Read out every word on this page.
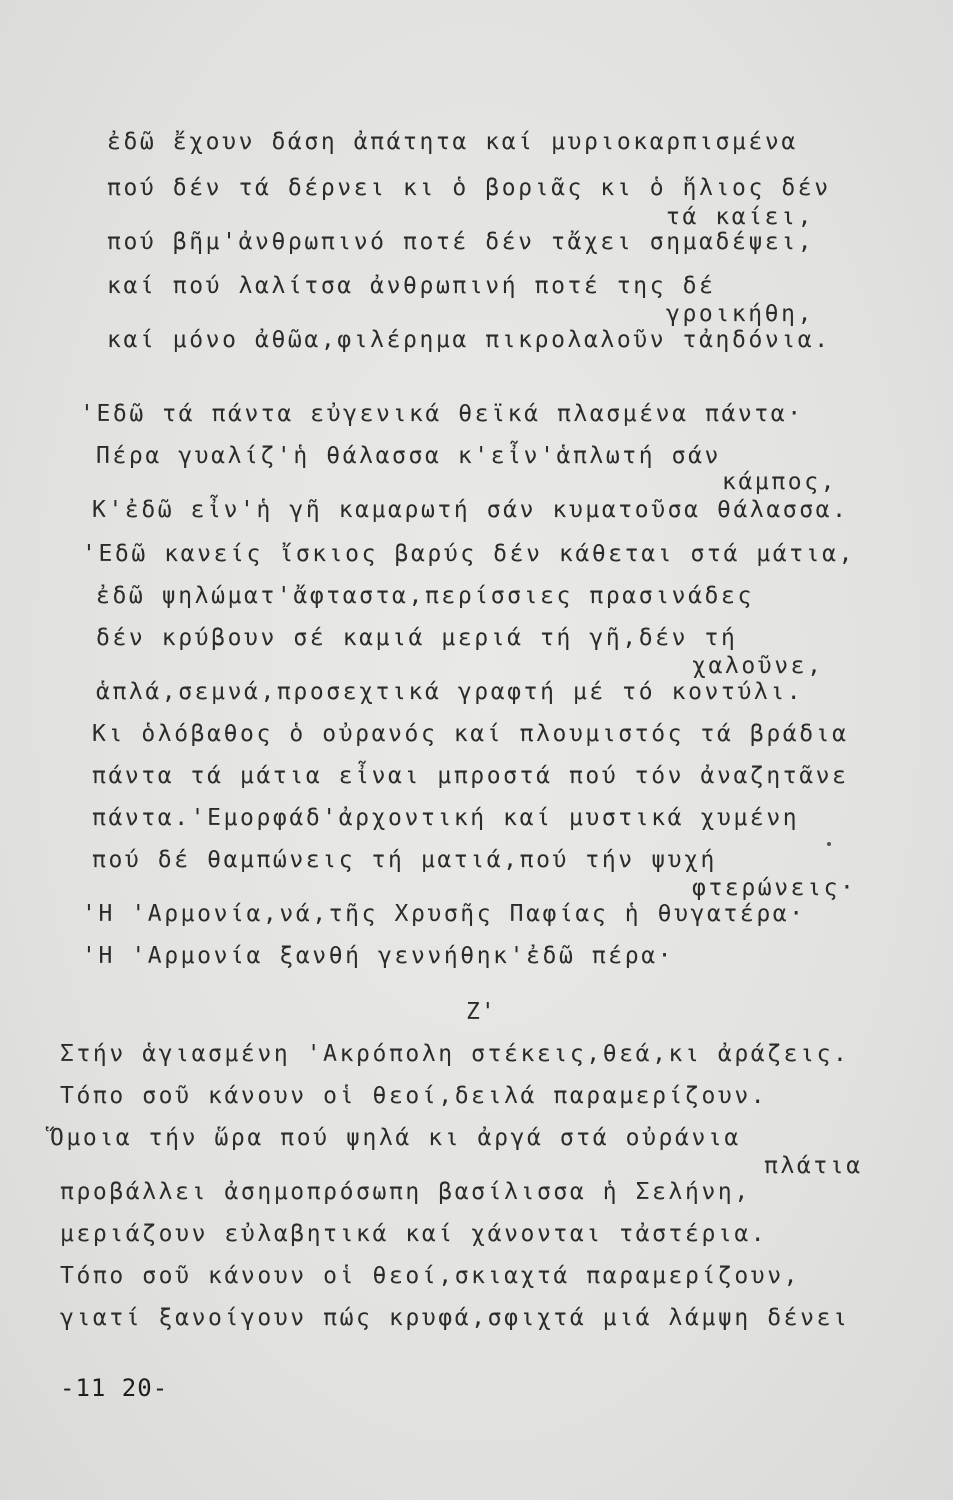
ἐδῶ ἔχουν δάση ἀπάτητα καί μυριοκαρπισμένα
πού δέν τά δέρνει κι ὁ βοριᾶς κι ὁ ἥλιος δέν
τά καίει,
πού βῆμ'ἀνθρωπινό ποτέ δέν τἄχει σημαδέψει,
καί πού λαλίτσα ἀνθρωπινή ποτέ της δέ
γροικήθη,
καί μόνο ἀθῶα,φιλέρημα πικρολαλοῦν τἀηδόνια.
'Εδῶ τά πάντα εὐγενικά θεϊκά πλασμένα πάντα·
Πέρα γυαλίζ'ἡ θάλασσα κ'εἶν'ἁπλωτή σάν
κάμπος,
Κ'ἐδῶ εἶν'ἡ γῆ καμαρωτή σάν κυματοῦσα θάλασσα.
'Εδῶ κανείς ἴσκιος βαρύς δέν κάθεται στά μάτια,
ἐδῶ ψηλώματ'ἄφταστα,περίσσιες πρασινάδες
δέν κρύβουν σέ καμιά μεριά τή γῆ,δέν τή
χαλοῦνε,
ἁπλά,σεμνά,προσεχτικά γραφτή μέ τό κοντύλι.
Κι ὁλόβαθος ὁ οὐρανός καί πλουμιστός τά βράδια
πάντα τά μάτια εἶναι μπροστά πού τόν ἀναζητᾶνε
πάντα.'Εμορφάδ'ἀρχοντική καί μυστικά χυμένη
πού δέ θαμπώνεις τή ματιά,πού τήν ψυχή
φτερώνεις·
'Η 'Αρμονία,νά,τῆς Χρυσῆς Παφίας ἡ θυγατέρα·
'Η 'Αρμονία ξανθή γεννήθηκ'ἐδῶ πέρα·
Ζ'
Στήν ἁγιασμένη 'Ακρόπολη στέκεις,θεά,κι ἀράζεις.
Τόπο σοῦ κάνουν οἱ θεοί,δειλά παραμερίζουν.
Ὅμοια τήν ὥρα πού ψηλά κι ἀργά στά οὐράνια
πλάτια
προβάλλει ἀσημοπρόσωπη βασίλισσα ἡ Σελήνη,
μεριάζουν εὐλαβητικά καί χάνονται τἀστέρια.
Τόπο σοῦ κάνουν οἱ θεοί,σκιαχτά παραμερίζουν,
γιατί ξανοίγουν πώς κρυφά,σφιχτά μιά λάμψη δένει
-11 20-
